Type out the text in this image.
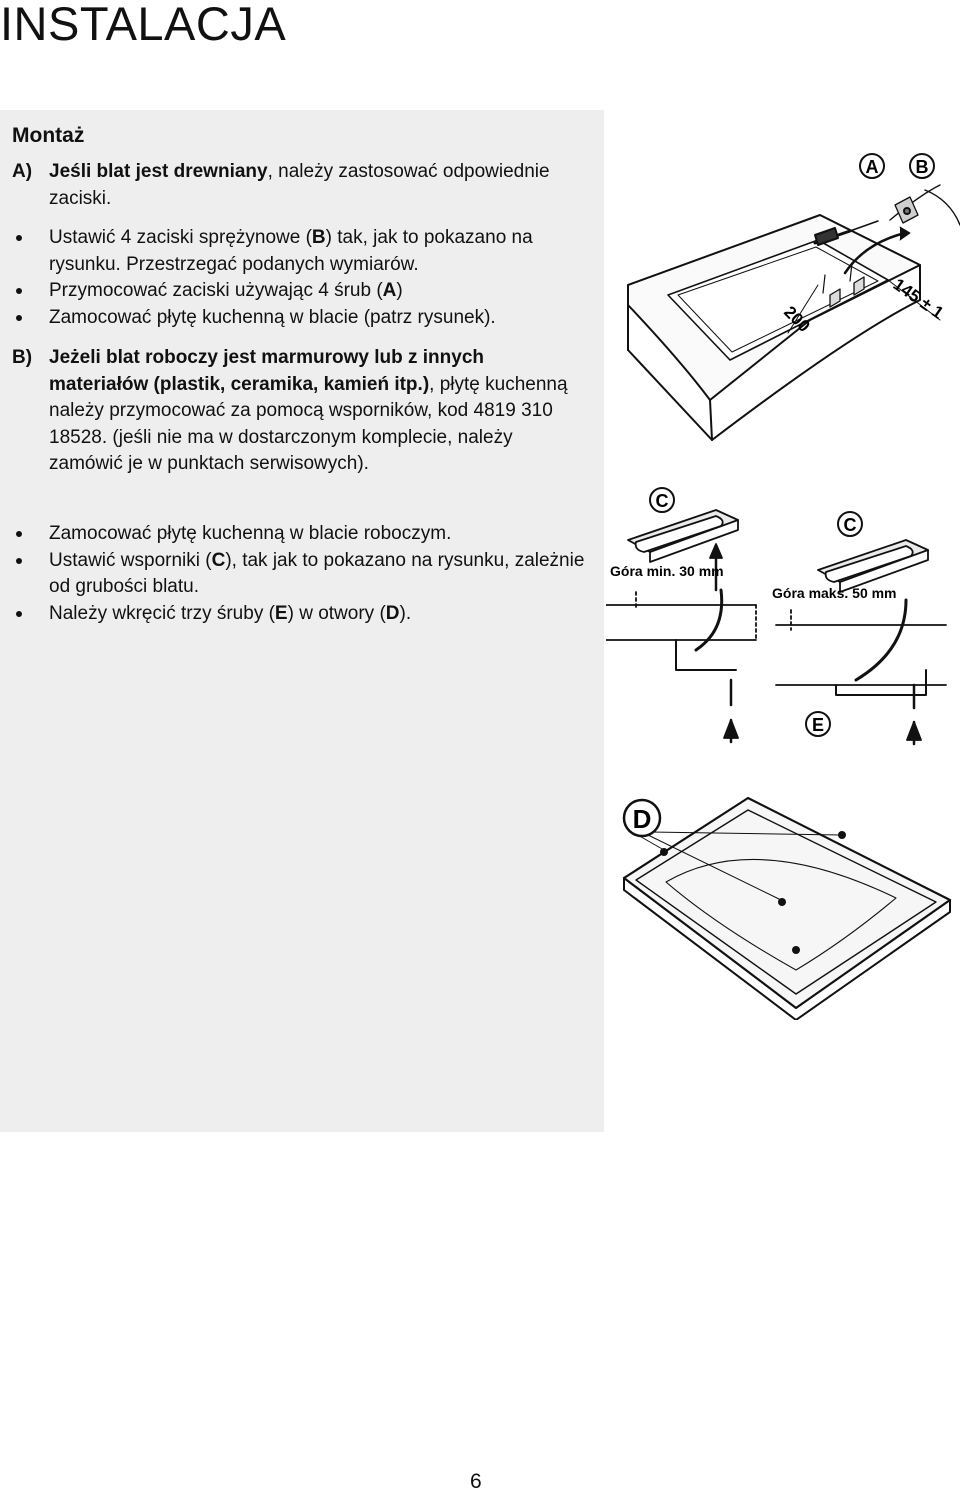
INSTALACJA
Montaż
A) Jeśli blat jest drewniany, należy zastosować odpowiednie zaciski.
Ustawić 4 zaciski sprężynowe (B) tak, jak to pokazano na rysunku. Przestrzegać podanych wymiarów.
Przymocować zaciski używając 4 śrub (A)
Zamocować płytę kuchenną w blacie (patrz rysunek).
B) Jeżeli blat roboczy jest marmurowy lub z innych materiałów (plastik, ceramika, kamień itp.), płytę kuchenną należy przymocować za pomocą wsporników, kod 4819 310 18528. (jeśli nie ma w dostarczonym komplecie, należy zamówić je w punktach serwisowych).
Zamocować płytę kuchenną w blacie roboczym.
Ustawić wsporniki (C), tak jak to pokazano na rysunku, zależnie od grubości blatu.
Należy wkręcić trzy śruby (E) w otwory (D).
A B
145 ± 1
200
C
C
E
Góra min. 30 mm
Góra maks. 50 mm
D
6
